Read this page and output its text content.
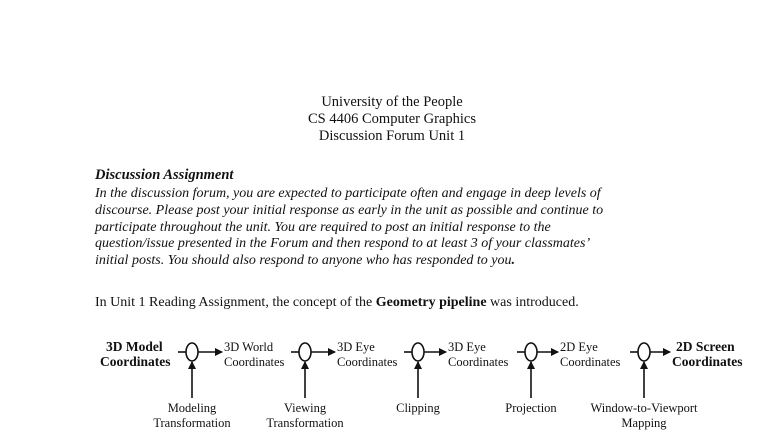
University of the People
CS 4406 Computer Graphics
Discussion Forum Unit 1
Discussion Assignment
In the discussion forum, you are expected to participate often and engage in deep levels of
discourse. Please post your initial response as early in the unit as possible and continue to
participate throughout the unit. You are required to post an initial response to the
question/issue presented in the Forum and then respond to at least 3 of your classmates’
initial posts. You should also respond to anyone who has responded to you.
In Unit 1 Reading Assignment, the concept of the Geometry pipeline was introduced.
3D Model
Coordinates
3D World
Coordinates
3D Eye
Coordinates
3D Eye
Coordinates
2D Eye
Coordinates
2D Screen
Coordinates
Modeling
Transformation
Viewing
Transformation
Clipping	Projection	Window-to-Viewport
Mapping
